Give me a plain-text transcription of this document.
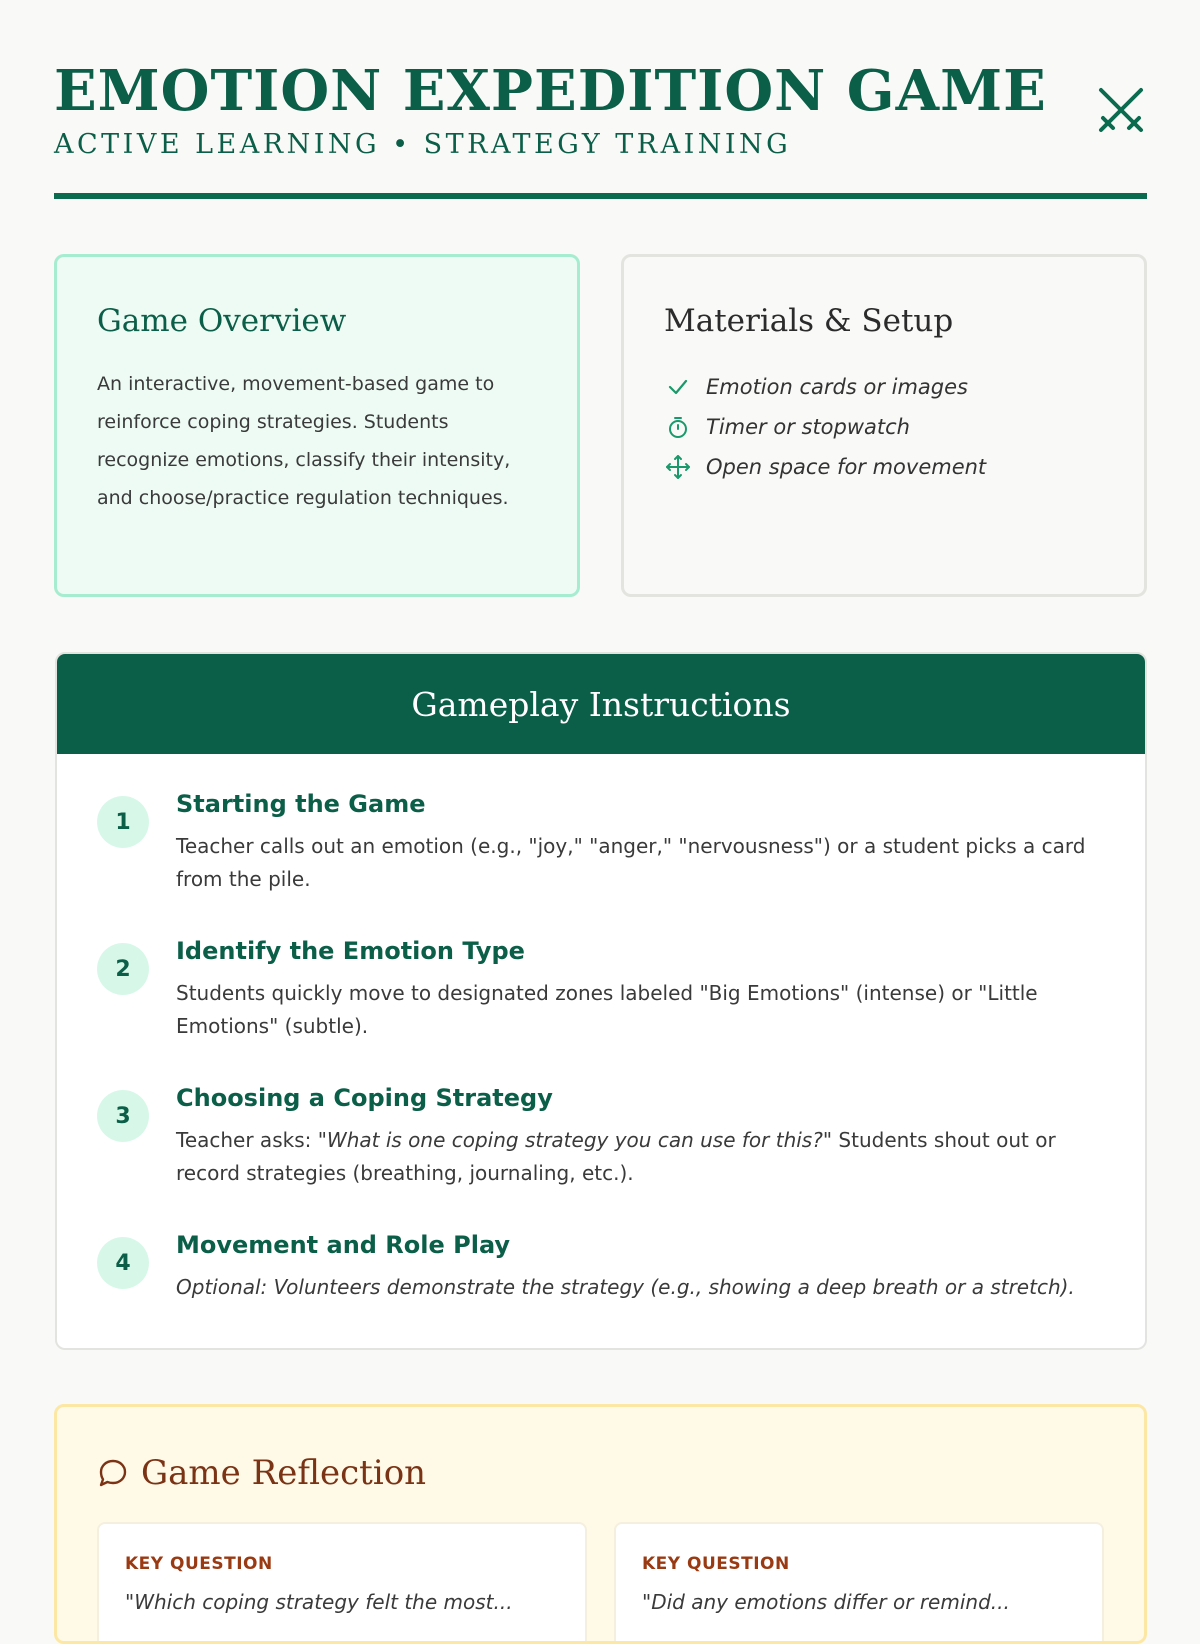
EMOTION EXPEDITION GAME
ACTIVE LEARNING • STRATEGY TRAINING
Game Overview

An interactive, movement-based game to reinforce coping strategies. Students recognize emotions, classify their intensity, and choose/practice regulation techniques.

Materials & Setup
Emotion cards or images
Timer or stopwatch
Open space for movement
Gameplay Instructions
1
Starting the Game
Teacher calls out an emotion (e.g., "joy," "anger," "nervousness") or a student picks a card from the pile.
2
Identify the Emotion Type
Students quickly move to designated zones labeled "Big Emotions" (intense) or "Little Emotions" (subtle).
3
Choosing a Coping Strategy
Teacher asks: "What is one coping strategy you can use for this?" Students shout out or record strategies (breathing, journaling, etc.).
4
Movement and Role Play
Optional: Volunteers demonstrate the strategy (e.g., showing a deep breath or a stretch).
Game Reflection
KEY QUESTION
"Which coping strategy felt the most...
KEY QUESTION
"Did any emotions differ or remind...
